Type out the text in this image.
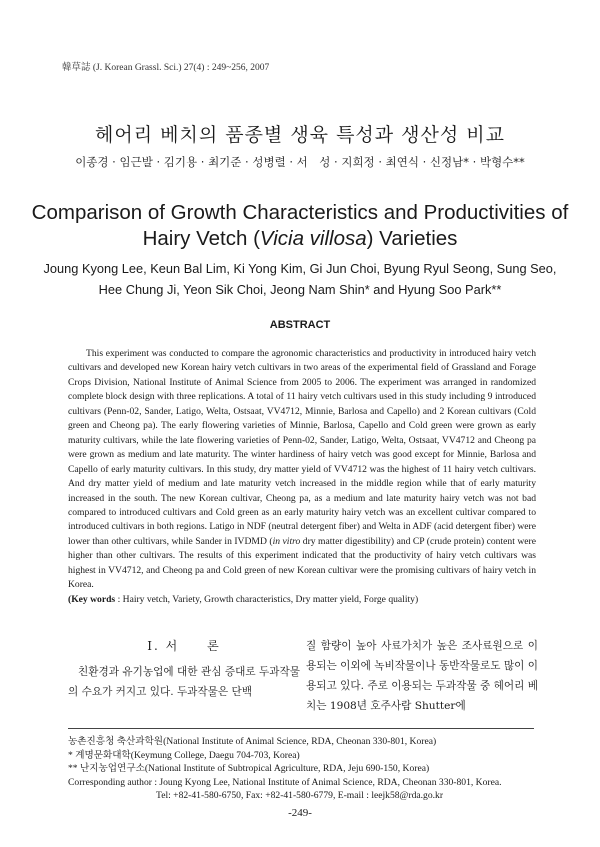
韓草誌 (J. Korean Grassl. Sci.) 27(4) : 249~256, 2007
헤어리 베치의 품종별 생육 특성과 생산성 비교
이종경 · 임근발 · 김기용 · 최기준 · 성병렬 · 서　성 · 지희정 · 최연식 · 신정남* · 박형수**
Comparison of Growth Characteristics and Productivities of
Hairy Vetch (Vicia villosa) Varieties
Joung Kyong Lee, Keun Bal Lim, Ki Yong Kim, Gi Jun Choi, Byung Ryul Seong, Sung Seo,
Hee Chung Ji, Yeon Sik Choi, Jeong Nam Shin* and Hyung Soo Park**
ABSTRACT

This experiment was conducted to compare the agronomic characteristics and productivity in introduced hairy vetch cultivars and developed new Korean hairy vetch cultivars in two areas of the experimental field of Grassland and Forage Crops Division, National Institute of Animal Science from 2005 to 2006. The experiment was arranged in randomized complete block design with three replications. A total of 11 hairy vetch cultivars used in this study including 9 introduced cultivars (Penn-02, Sander, Latigo, Welta, Ostsaat, VV4712, Minnie, Barlosa and Capello) and 2 Korean cultivars (Cold green and Cheong pa). The early flowering varieties of Minnie, Barlosa, Capello and Cold green were grown as early maturity cultivars, while the late flowering varieties of Penn-02, Sander, Latigo, Welta, Ostsaat, VV4712 and Cheong pa were grown as medium and late maturity. The winter hardiness of hairy vetch was good except for Minnie, Barlosa and Capello of early maturity cultivars. In this study, dry matter yield of VV4712 was the highest of 11 hairy vetch cultivars. And dry matter yield of medium and late maturity vetch increased in the middle region while that of early maturity increased in the south. The new Korean cultivar, Cheong pa, as a medium and late maturity hairy vetch was not bad compared to introduced cultivars and Cold green as an early maturity hairy vetch was an excellent cultivar compared to introduced cultivars in both regions. Latigo in NDF (neutral detergent fiber) and Welta in ADF (acid detergent fiber) were lower than other cultivars, while Sander in IVDMD (in vitro dry matter digestibility) and CP (crude protein) content were higher than other cultivars. The results of this experiment indicated that the productivity of hairy vetch cultivars was highest in VV4712, and Cheong pa and Cold green of new Korean cultivar were the promising cultivars of hairy vetch in Korea.

(Key words : Hairy vetch, Variety, Growth characteristics, Dry matter yield, Forge quality)

Ⅰ. 서　　론

친환경과 유기농업에 대한 관심 증대로 두과작물의 수요가 커지고 있다. 두과작물은 단백

질 함량이 높아 사료가치가 높은 조사료원으로 이용되는 이외에 녹비작물이나 동반작물로도 많이 이용되고 있다. 주로 이용되는 두과작물 중 헤어리 베치는 1908년 호주사람 Shutter에

농촌진흥청 축산과학원(National Institute of Animal Science, RDA, Cheonan 330-801, Korea)
* 계명문화대학(Keymung College, Daegu 704-703, Korea)
** 난지농업연구소(National Institute of Subtropical Agriculture, RDA, Jeju 690-150, Korea)
Corresponding author : Joung Kyong Lee, National Institute of Animal Science, RDA, Cheonan 330-801, Korea.
Tel: +82-41-580-6750, Fax: +82-41-580-6779, E-mail : leejk58@rda.go.kr
-249-
